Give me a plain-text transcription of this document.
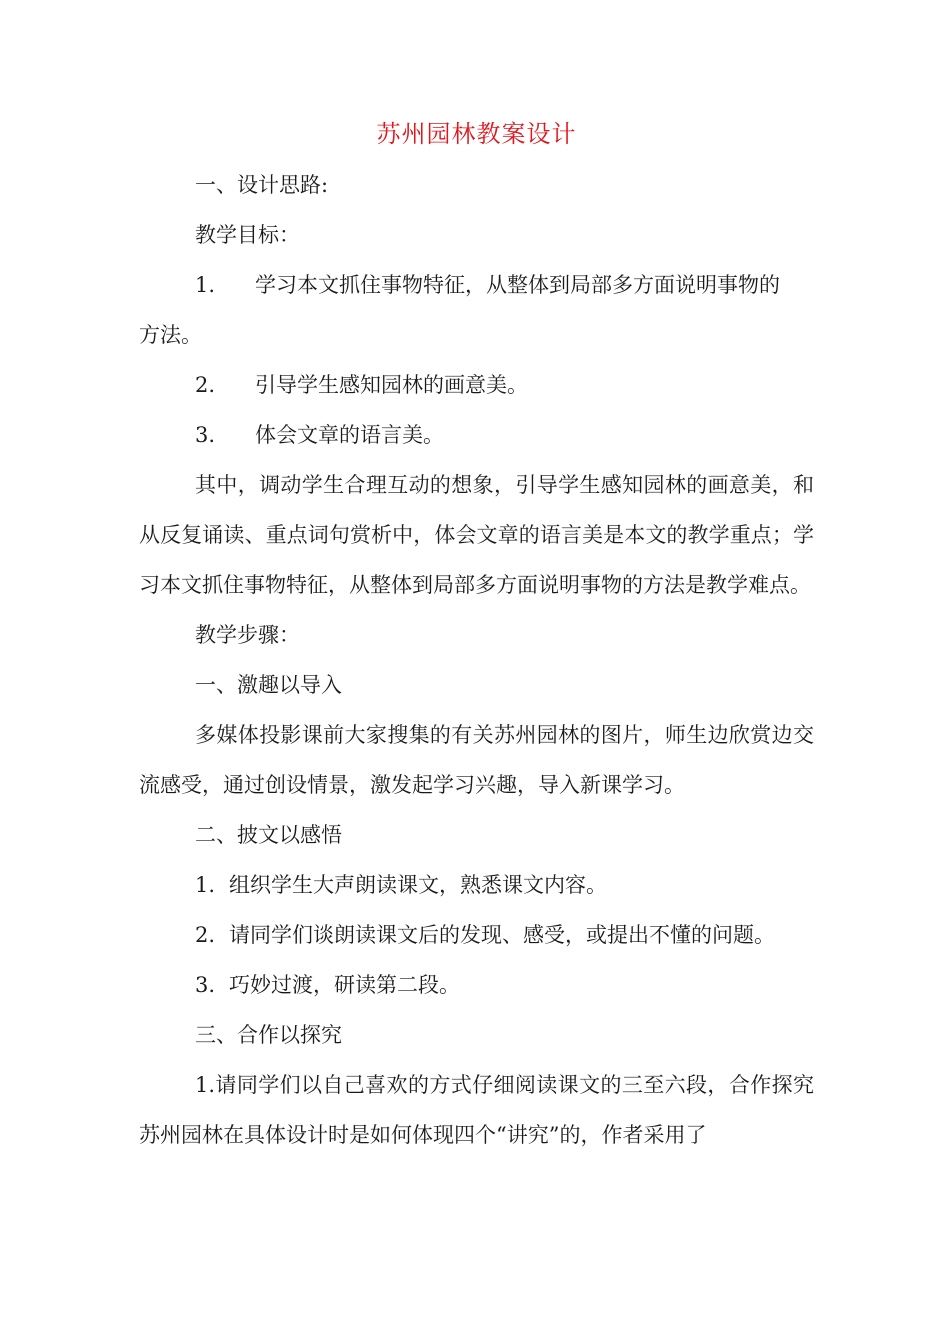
苏州园林教案设计

一、设计思路:

教学目标：

1. 学习本文抓住事物特征，从整体到局部多方面说明事物的

方法。

2. 引导学生感知园林的画意美。

3. 体会文章的语言美。

其中，调动学生合理互动的想象，引导学生感知园林的画意美，和从反复诵读、重点词句赏析中，体会文章的语言美是本文的教学重点；学习本文抓住事物特征，从整体到局部多方面说明事物的方法是教学难点。

教学步骤：

一、激趣以导入

多媒体投影课前大家搜集的有关苏州园林的图片，师生边欣赏边交流感受，通过创设情景，激发起学习兴趣，导入新课学习。

二、披文以感悟

1. 组织学生大声朗读课文，熟悉课文内容。

2. 请同学们谈朗读课文后的发现、感受，或提出不懂的问题。

3. 巧妙过渡，研读第二段。

三、合作以探究

1.请同学们以自己喜欢的方式仔细阅读课文的三至六段，合作探究苏州园林在具体设计时是如何体现四个“讲究”的，作者采用了
